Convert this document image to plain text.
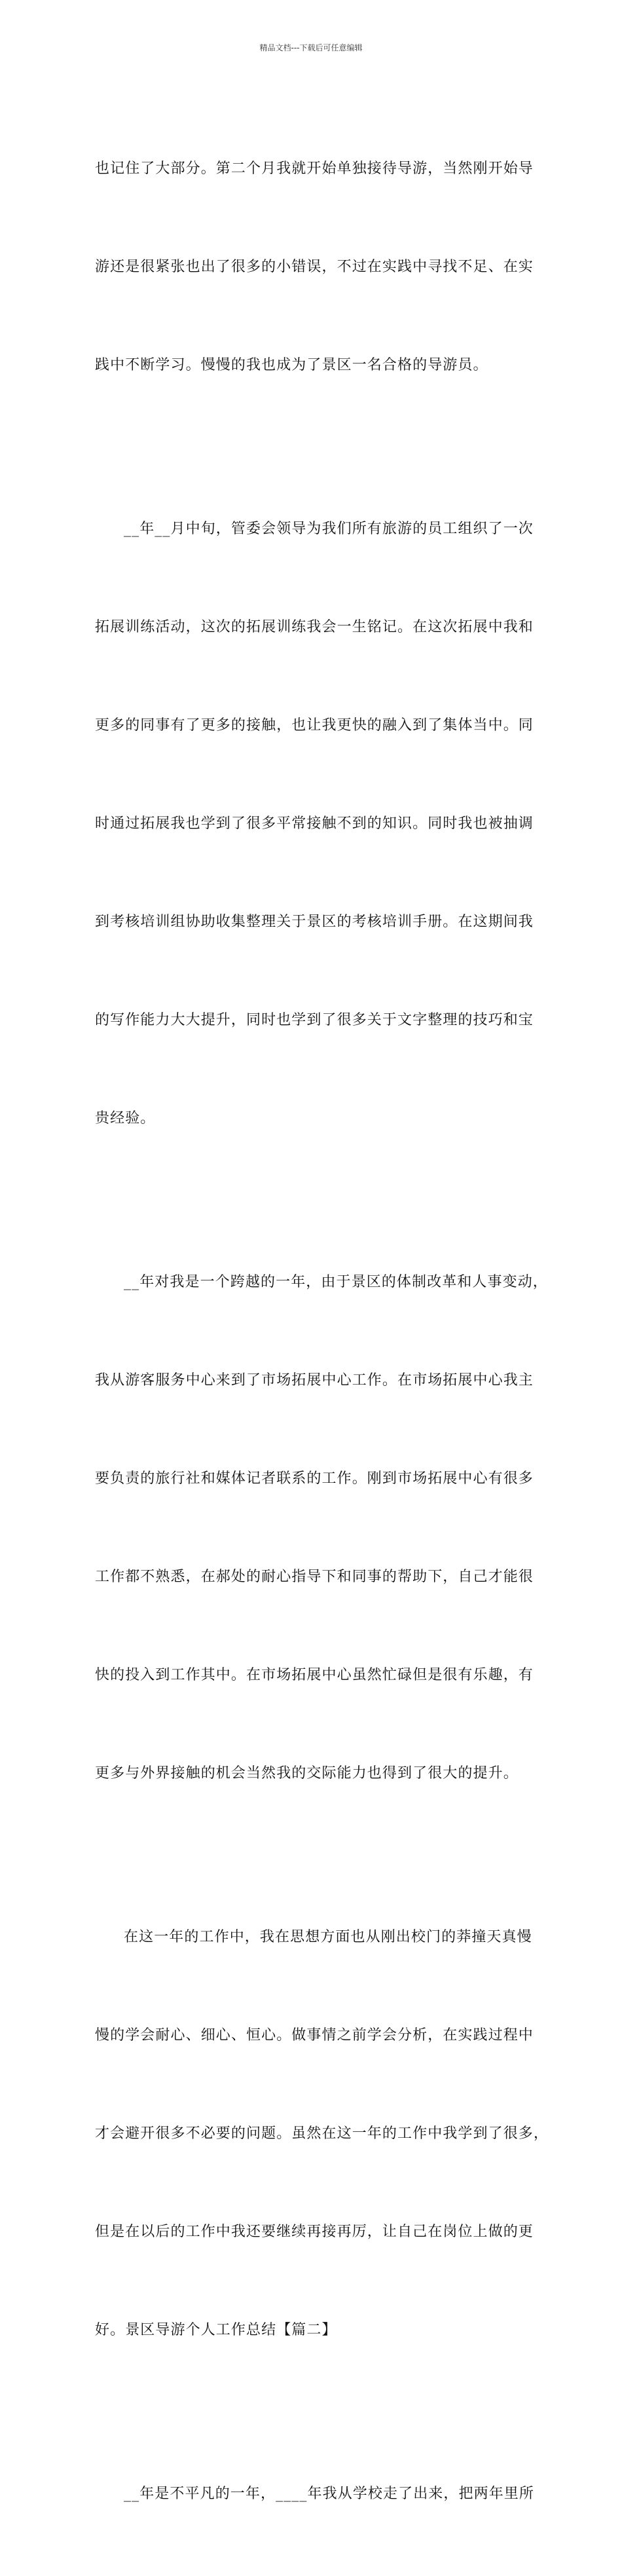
精品文档---下载后可任意编辑

也记住了大部分。第二个月我就开始单独接待导游，当然刚开始导

游还是很紧张也出了很多的小错误，不过在实践中寻找不足、在实

践中不断学习。慢慢的我也成为了景区一名合格的导游员。

__年__月中旬，管委会领导为我们所有旅游的员工组织了一次

拓展训练活动，这次的拓展训练我会一生铭记。在这次拓展中我和

更多的同事有了更多的接触，也让我更快的融入到了集体当中。同

时通过拓展我也学到了很多平常接触不到的知识。同时我也被抽调

到考核培训组协助收集整理关于景区的考核培训手册。在这期间我

的写作能力大大提升，同时也学到了很多关于文字整理的技巧和宝

贵经验。

__年对我是一个跨越的一年，由于景区的体制改革和人事变动，

我从游客服务中心来到了市场拓展中心工作。在市场拓展中心我主

要负责的旅行社和媒体记者联系的工作。刚到市场拓展中心有很多

工作都不熟悉，在郝处的耐心指导下和同事的帮助下，自己才能很

快的投入到工作其中。在市场拓展中心虽然忙碌但是很有乐趣，有

更多与外界接触的机会当然我的交际能力也得到了很大的提升。

在这一年的工作中，我在思想方面也从刚出校门的莽撞天真慢

慢的学会耐心、细心、恒心。做事情之前学会分析，在实践过程中

才会避开很多不必要的问题。虽然在这一年的工作中我学到了很多，

但是在以后的工作中我还要继续再接再厉，让自己在岗位上做的更

好。景区导游个人工作总结【篇二】

__年是不平凡的一年，____年我从学校走了出来，把两年里所
